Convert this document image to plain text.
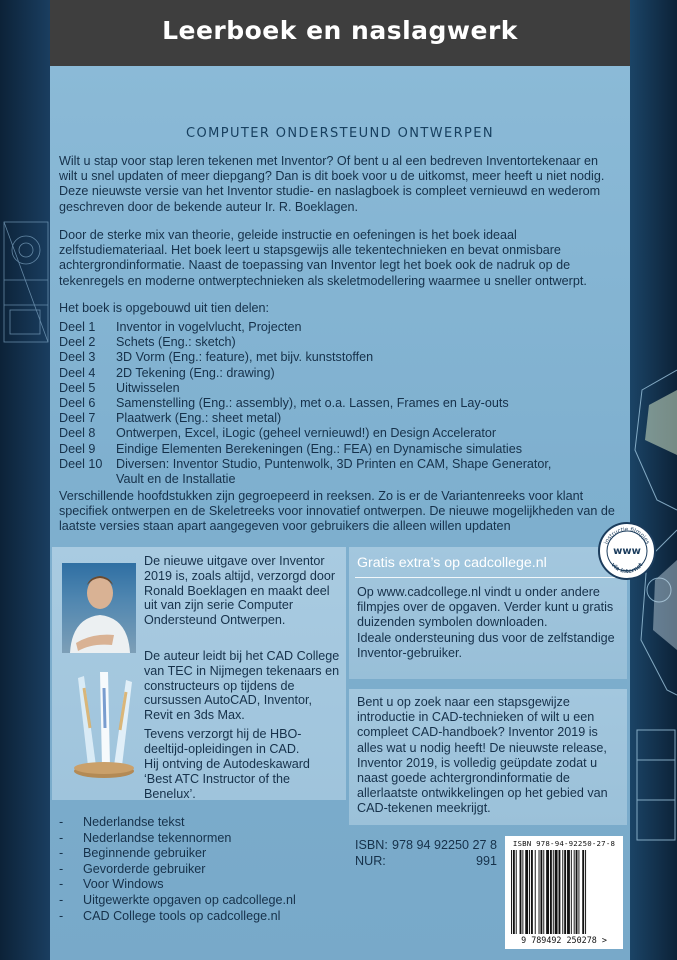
Leerboek en naslagwerk
COMPUTER ONDERSTEUND ONTWERPEN

Wilt u stap voor stap leren tekenen met Inventor? Of bent u al een bedreven Inventortekenaar en wilt u snel updaten of meer diepgang? Dan is dit boek voor u de uitkomst, meer heeft u niet nodig. Deze nieuwste versie van het Inventor studie- en naslagboek is compleet vernieuwd en wederom geschreven door de bekende auteur Ir. R. Boeklagen.

Door de sterke mix van theorie, geleide instructie en oefeningen is het boek ideaal zelfstudiemateriaal. Het boek leert u stapsgewijs alle tekentechnieken en bevat onmisbare achtergrondinformatie. Naast de toepassing van Inventor legt het boek ook de nadruk op de tekenregels en moderne ontwerptechnieken als skeletmodellering waarmee u sneller ontwerpt.

Het boek is opgebouwd uit tien delen:

Deel 1	Inventor in vogelvlucht, Projecten
Deel 2	Schets (Eng.: sketch)
Deel 3	3D Vorm (Eng.: feature), met bijv. kunststoffen
Deel 4	2D Tekening (Eng.: drawing)
Deel 5	Uitwisselen
Deel 6	Samenstelling (Eng.: assembly), met o.a. Lassen, Frames en Lay-outs
Deel 7	Plaatwerk (Eng.: sheet metal)
Deel 8	Ontwerpen, Excel, iLogic (geheel vernieuwd!) en Design Accelerator
Deel 9	Eindige Elementen Berekeningen (Eng.: FEA) en Dynamische simulaties
Deel 10	Diversen: Inventor Studio, Puntenwolk, 3D Printen en CAM, Shape Generator, Vault en de Installatie

Verschillende hoofdstukken zijn gegroepeerd in reeksen. Zo is er de Variantenreeks voor klant specifiek ontwerpen en de Skeletreeks voor innovatief ontwerpen. De nieuwe mogelijkheden van de laatste versies staan apart aangegeven voor gebruikers die alleen willen updaten

De nieuwe uitgave over Inventor 2019 is, zoals altijd, verzorgd door Ronald Boeklagen en maakt deel uit van zijn serie Computer Ondersteund Ontwerpen.

De auteur leidt bij het CAD College van TEC in Nijmegen tekenaars en constructeurs op tijdens de cursussen AutoCAD, Inventor, Revit en 3ds Max.

Tevens verzorgt hij de HBO-deeltijd-opleidingen in CAD.

Hij ontving de Autodeskaward ‘Best ATC Instructor of the Benelux’.

Gratis extra’s op cadcollege.nl
Op www.cadcollege.nl vindt u onder andere filmpjes over de opgaven. Verder kunt u gratis duizenden symbolen downloaden.
Ideale ondersteuning dus voor de zelfstandige Inventor-gebruiker.
instructie filmpjes
via internet
www

Bent u op zoek naar een stapsgewijze introductie in CAD-technieken of wilt u een compleet CAD-handboek? Inventor 2019 is alles wat u nodig heeft! De nieuwste release, Inventor 2019, is volledig geüpdate zodat u naast goede achtergrondinformatie de allerlaatste ontwikkelingen op het gebied van CAD-tekenen meekrijgt.

-	Nederlandse tekst
-	Nederlandse tekennormen
-	Beginnende gebruiker
-	Gevorderde gebruiker
-	Voor Windows
-	Uitgewerkte opgaven op cadcollege.nl
-	CAD College tools op cadcollege.nl
ISBN: 978 94 92250 27 8
NUR:	991
ISBN 978-94-92250-27-8
9 789492 250278 >
